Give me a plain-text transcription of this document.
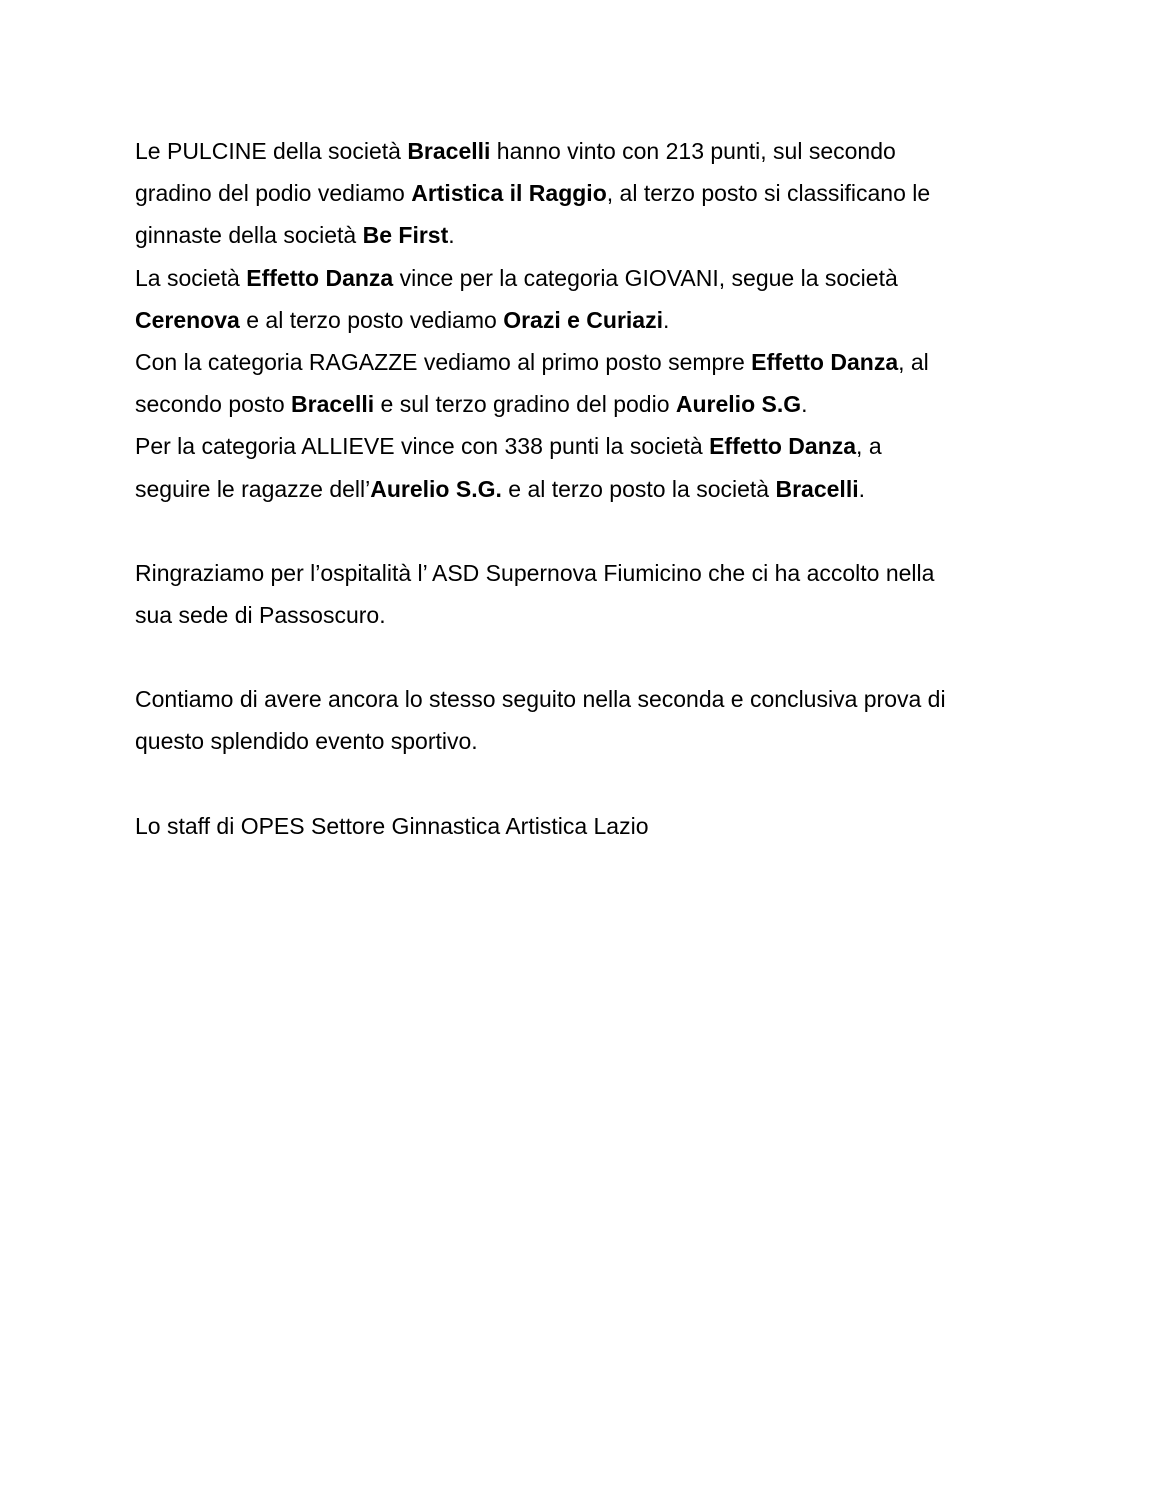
Le PULCINE della società Bracelli hanno vinto con 213 punti, sul secondo

gradino del podio vediamo Artistica il Raggio, al terzo posto si classificano le

ginnaste della società Be First.

La società Effetto Danza vince per la categoria GIOVANI, segue la società

Cerenova e al terzo posto vediamo Orazi e Curiazi.

Con la categoria RAGAZZE vediamo al primo posto sempre Effetto Danza, al

secondo posto Bracelli e sul terzo gradino del podio Aurelio S.G.

Per la categoria ALLIEVE vince con 338 punti la società Effetto Danza, a

seguire le ragazze dell’Aurelio S.G. e al terzo posto la società Bracelli.

Ringraziamo per l’ospitalità l’ ASD Supernova Fiumicino che ci ha accolto nella

sua sede di Passoscuro.

Contiamo di avere ancora lo stesso seguito nella seconda e conclusiva prova di

questo splendido evento sportivo.

Lo staff di OPES Settore Ginnastica Artistica Lazio
